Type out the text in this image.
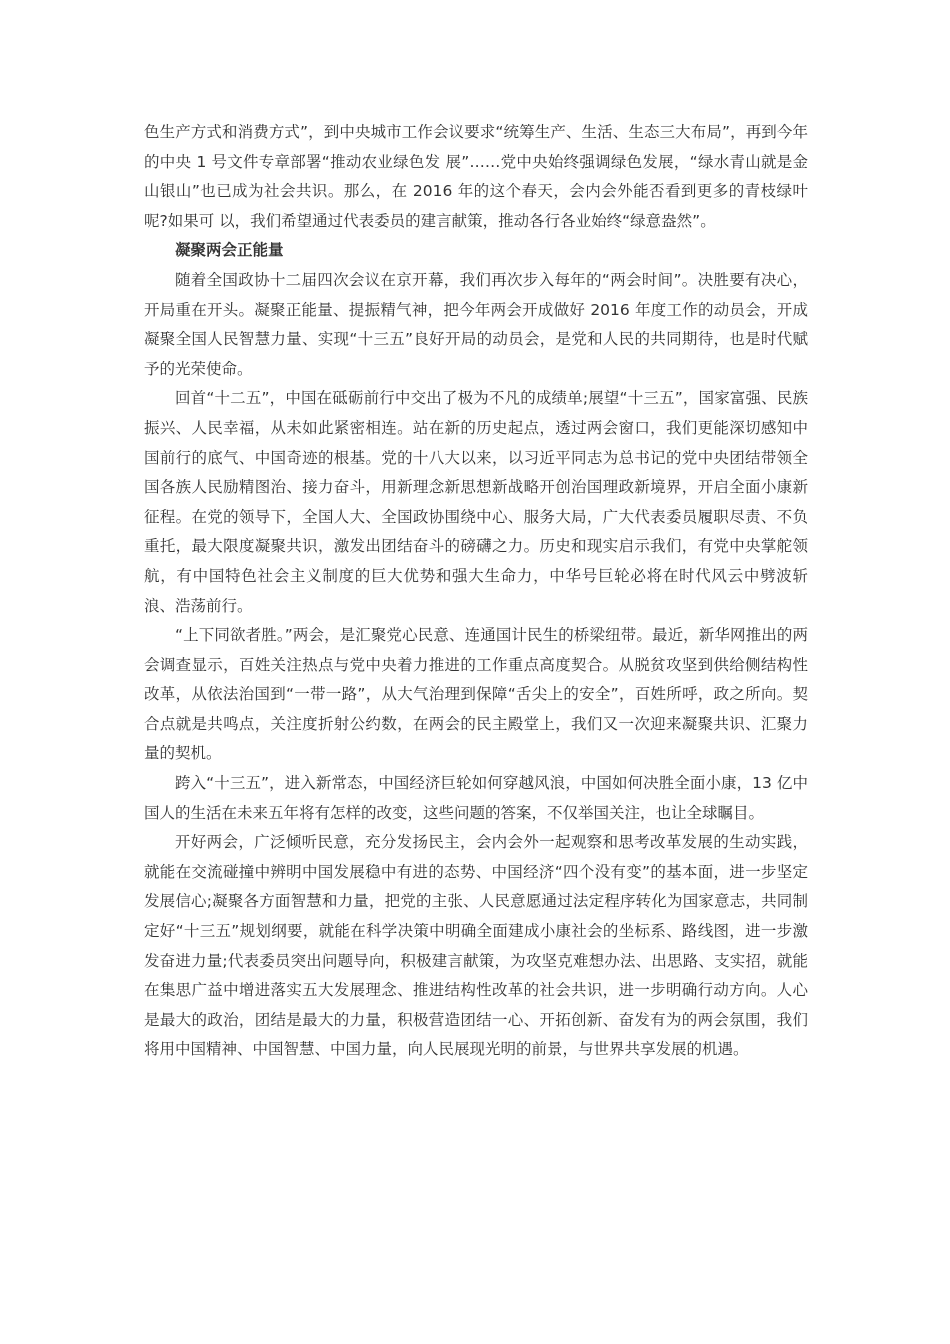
色生产方式和消费方式”，到中央城市工作会议要求“统筹生产、生活、生态三大布局”，再到今年的中央 1 号文件专章部署“推动农业绿色发 展”……党中央始终强调绿色发展，“绿水青山就是金山银山”也已成为社会共识。那么，在 2016 年的这个春天，会内会外能否看到更多的青枝绿叶呢?如果可 以，我们希望通过代表委员的建言献策，推动各行各业始终“绿意盎然”。

凝聚两会正能量

随着全国政协十二届四次会议在京开幕，我们再次步入每年的“两会时间”。决胜要有决心，开局重在开头。凝聚正能量、提振精气神，把今年两会开成做好 2016 年度工作的动员会，开成凝聚全国人民智慧力量、实现“十三五”良好开局的动员会，是党和人民的共同期待，也是时代赋予的光荣使命。

回首“十二五”，中国在砥砺前行中交出了极为不凡的成绩单;展望“十三五”，国家富强、民族振兴、人民幸福，从未如此紧密相连。站在新的历史起点，透过两会窗口，我们更能深切感知中国前行的底气、中国奇迹的根基。党的十八大以来，以习近平同志为总书记的党中央团结带领全国各族人民励精图治、接力奋斗，用新理念新思想新战略开创治国理政新境界，开启全面小康新征程。在党的领导下，全国人大、全国政协围绕中心、服务大局，广大代表委员履职尽责、不负重托，最大限度凝聚共识，激发出团结奋斗的磅礴之力。历史和现实启示我们，有党中央掌舵领航，有中国特色社会主义制度的巨大优势和强大生命力，中华号巨轮必将在时代风云中劈波斩浪、浩荡前行。

“上下同欲者胜。”两会，是汇聚党心民意、连通国计民生的桥梁纽带。最近，新华网推出的两会调查显示，百姓关注热点与党中央着力推进的工作重点高度契合。从脱贫攻坚到供给侧结构性改革，从依法治国到“一带一路”，从大气治理到保障“舌尖上的安全”，百姓所呼，政之所向。契合点就是共鸣点，关注度折射公约数，在两会的民主殿堂上，我们又一次迎来凝聚共识、汇聚力量的契机。

跨入“十三五”，进入新常态，中国经济巨轮如何穿越风浪，中国如何决胜全面小康，13 亿中国人的生活在未来五年将有怎样的改变，这些问题的答案，不仅举国关注，也让全球瞩目。

开好两会，广泛倾听民意，充分发扬民主，会内会外一起观察和思考改革发展的生动实践，就能在交流碰撞中辨明中国发展稳中有进的态势、中国经济“四个没有变”的基本面，进一步坚定发展信心;凝聚各方面智慧和力量，把党的主张、人民意愿通过法定程序转化为国家意志，共同制定好“十三五”规划纲要，就能在科学决策中明确全面建成小康社会的坐标系、路线图，进一步激发奋进力量;代表委员突出问题导向，积极建言献策，为攻坚克难想办法、出思路、支实招，就能在集思广益中增进落实五大发展理念、推进结构性改革的社会共识，进一步明确行动方向。人心是最大的政治，团结是最大的力量，积极营造团结一心、开拓创新、奋发有为的两会氛围，我们将用中国精神、中国智慧、中国力量，向人民展现光明的前景，与世界共享发展的机遇。
